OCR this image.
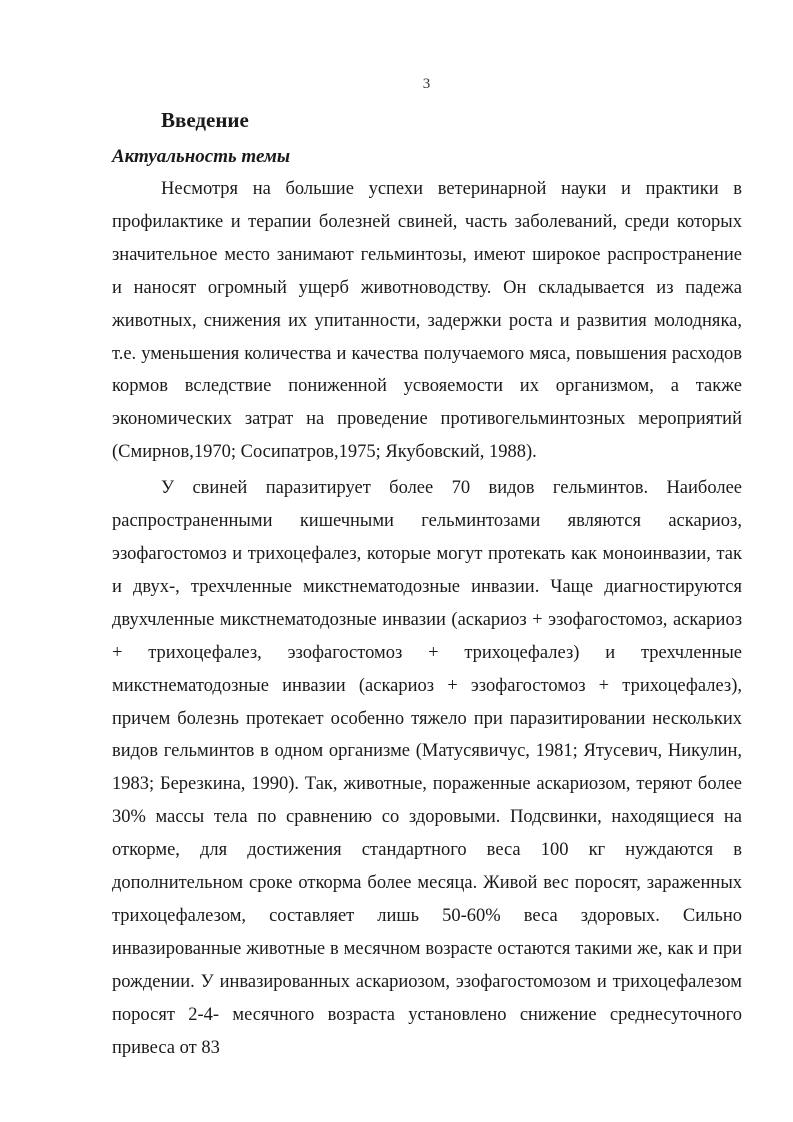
3
Введение
Актуальность темы

Несмотря на большие успехи ветеринарной науки и практики в профилактике и терапии болезней свиней, часть заболеваний, среди которых значительное место занимают гельминтозы, имеют широкое распространение и наносят огромный ущерб животноводству. Он складывается из падежа животных, снижения их упитанности, задержки роста и развития молодняка, т.е. уменьшения количества и качества получаемого мяса, повышения расходов кормов вследствие пониженной усвояемости их организмом, а также экономических затрат на проведение противогельминтозных мероприятий (Смирнов,1970; Сосипатров,1975; Якубовский, 1988).

У свиней паразитирует более 70 видов гельминтов. Наиболее распространенными кишечными гельминтозами являются аскариоз, эзофагостомоз и трихоцефалез, которые могут протекать как моноинвазии, так и двух-, трехчленные микстнематодозные инвазии. Чаще диагностируются двухчленные микстнематодозные инвазии (аскариоз + эзофагостомоз, аскариоз + трихоцефалез, эзофагостомоз + трихоцефалез) и трехчленные микстнематодозные инвазии (аскариоз + эзофагостомоз + трихоцефалез), причем болезнь протекает особенно тяжело при паразитировании нескольких видов гельминтов в одном организме (Матусявичус, 1981; Ятусевич, Никулин, 1983; Березкина, 1990). Так, животные, пораженные аскариозом, теряют более 30% массы тела по сравнению со здоровыми. Подсвинки, находящиеся на откорме, для достижения стандартного веса 100 кг нуждаются в дополнительном сроке откорма более месяца. Живой вес поросят, зараженных трихоцефалезом, составляет лишь 50-60% веса здоровых. Сильно инвазированные животные в месячном возрасте остаются такими же, как и при рождении. У инвазированных аскариозом, эзофагостомозом и трихоцефалезом поросят 2-4- месячного возраста установлено снижение среднесуточного привеса от 83
